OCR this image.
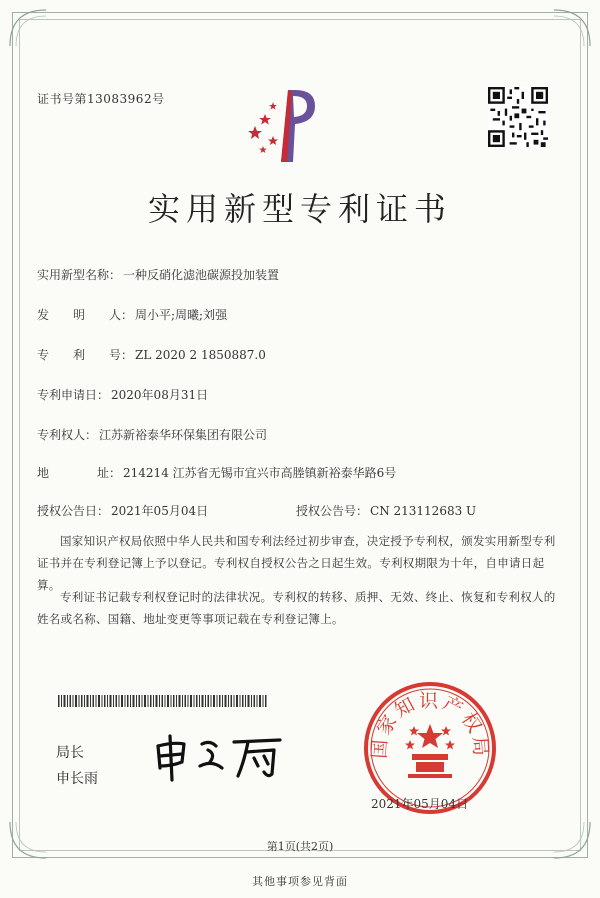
证书号第13083962号
实用新型专利证书
实用新型名称： 一种反硝化滤池碳源投加装置
发　　明　　人： 周小平;周曦;刘强
专　　利　　号： ZL 2020 2 1850887.0
专利申请日： 2020年08月31日
专利权人： 江苏新裕泰华环保集团有限公司
地　　　　址： 214214 江苏省无锡市宜兴市高塍镇新裕泰华路6号
授权公告日： 2021年05月04日	授权公告号： CN 213112683 U
国家知识产权局依照中华人民共和国专利法经过初步审查，决定授予专利权，颁发实用新型专利证书并在专利登记簿上予以登记。专利权自授权公告之日起生效。专利权期限为十年，自申请日起算。
专利证书记载专利权登记时的法律状况。专利权的转移、质押、无效、终止、恢复和专利权人的姓名或名称、国籍、地址变更等事项记载在专利登记簿上。
局长
申长雨
国家知识产权局
2021年05月04日
第1页(共2页)
其他事项参见背面
